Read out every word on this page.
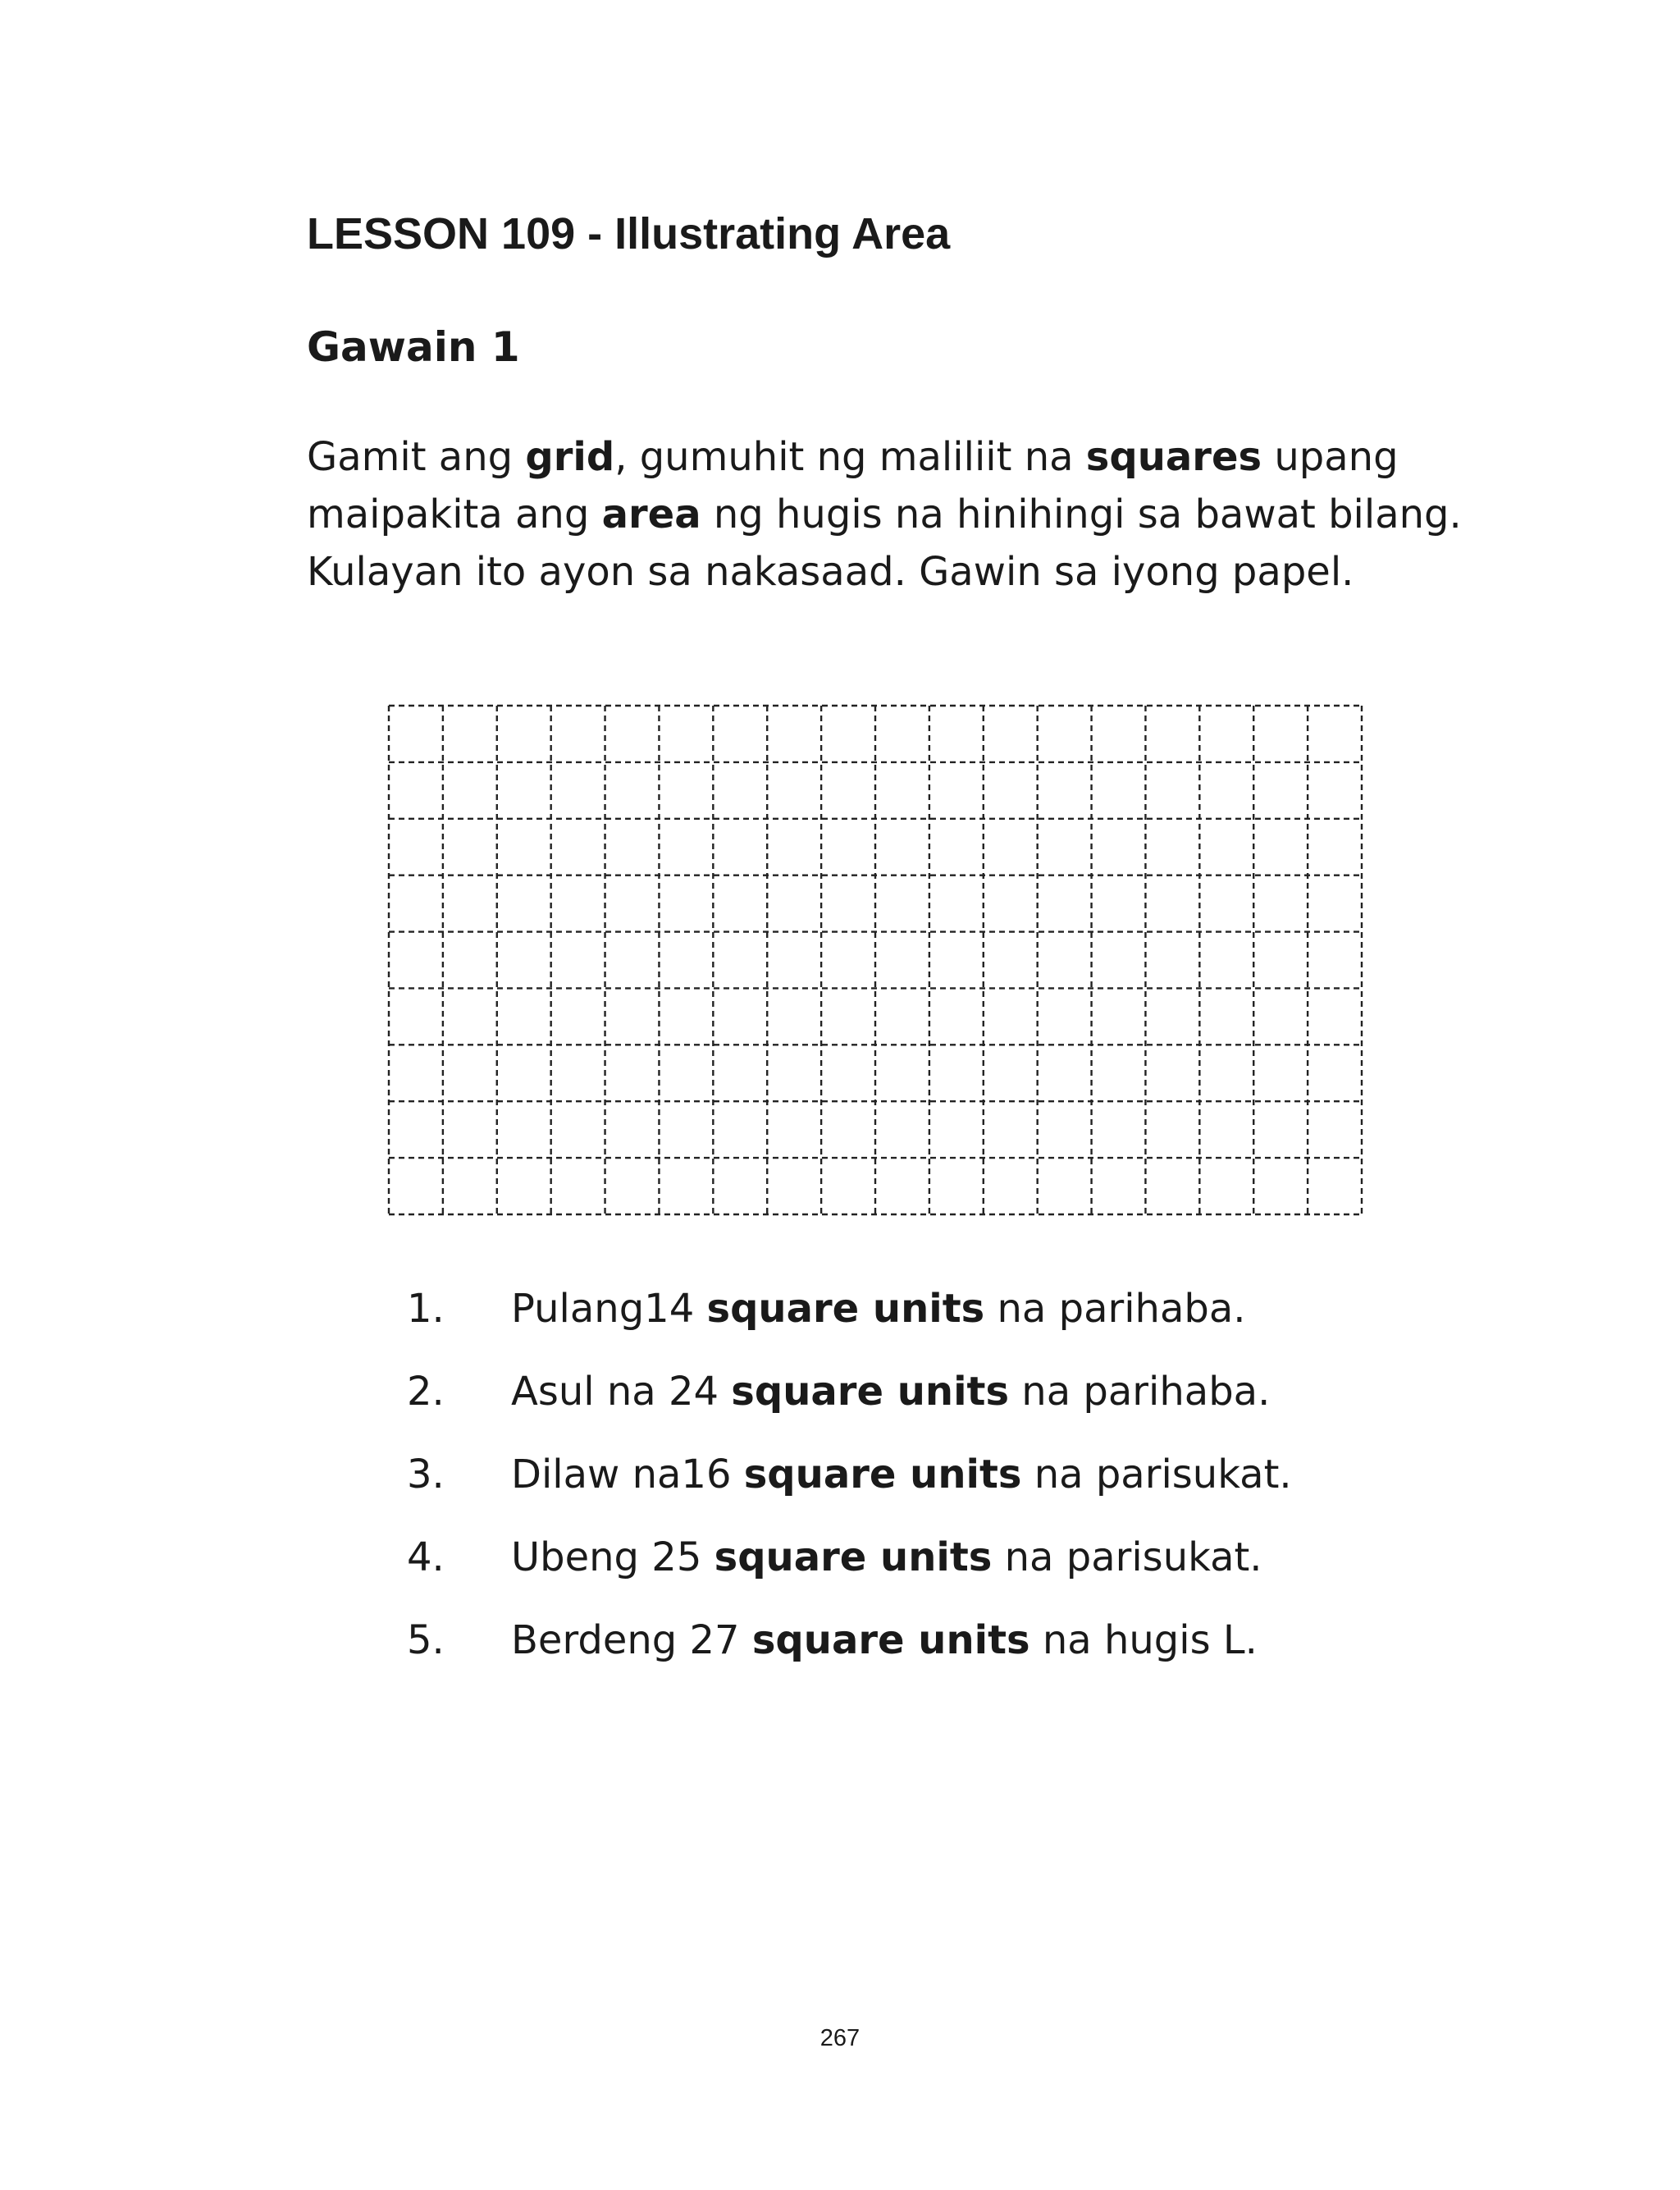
LESSON 109 - Illustrating Area
Gawain 1

Gamit ang grid, gumuhit ng maliliit na squares upang maipakita ang area ng hugis na hinihingi sa bawat bilang. Kulayan ito ayon sa nakasaad. Gawin sa iyong papel.

1.	Pulang14 square units na parihaba.
2.	Asul na 24 square units na parihaba.
3.	Dilaw na16 square units na parisukat.
4.	Ubeng 25 square units na parisukat.
5.	Berdeng 27 square units na hugis L.
267
